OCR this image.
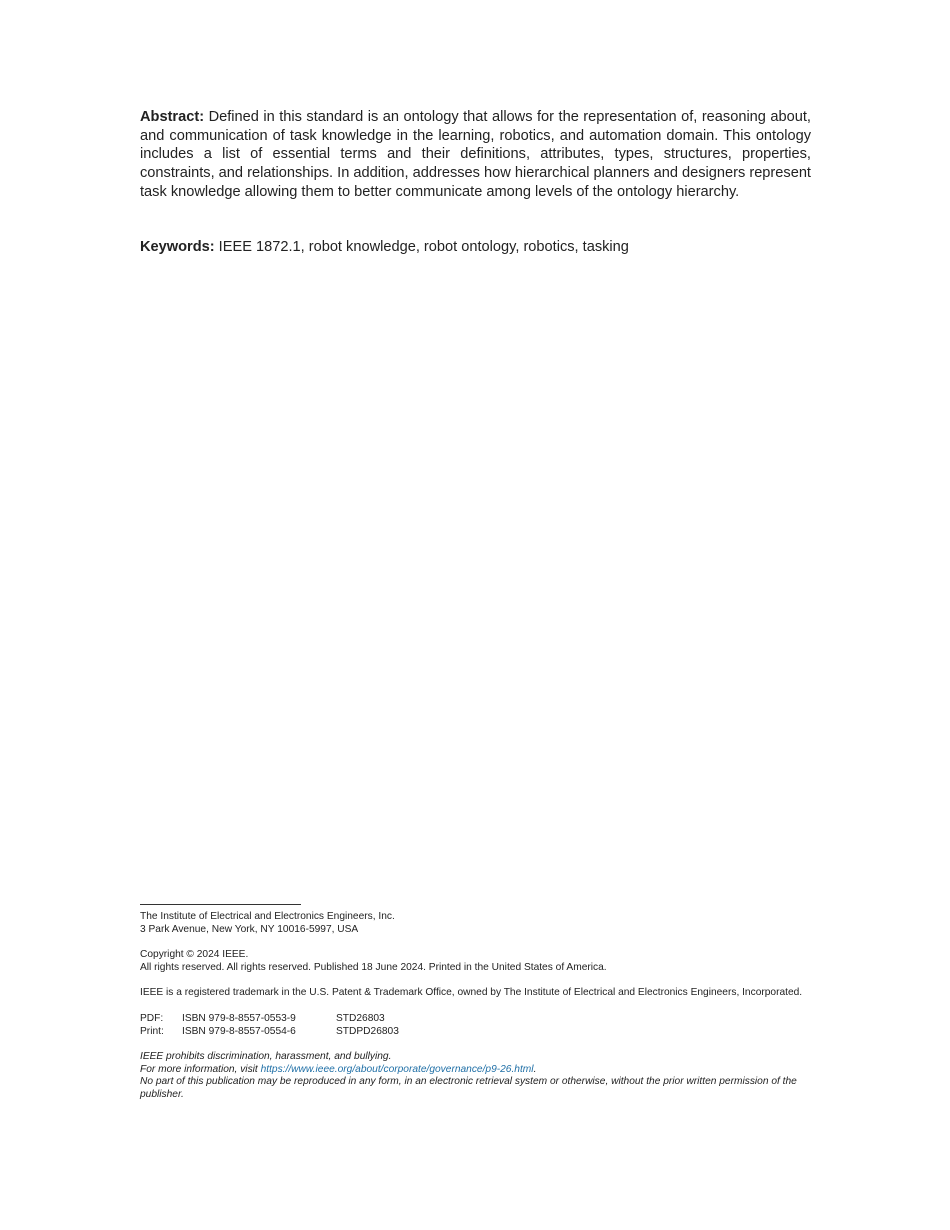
Abstract: Defined in this standard is an ontology that allows for the representation of, reasoning about, and communication of task knowledge in the learning, robotics, and automation domain. This ontology includes a list of essential terms and their definitions, attributes, types, structures, properties, constraints, and relationships. In addition, addresses how hierarchical planners and designers represent task knowledge allowing them to better communicate among levels of the ontology hierarchy.

Keywords: IEEE 1872.1, robot knowledge, robot ontology, robotics, tasking

The Institute of Electrical and Electronics Engineers, Inc.
3 Park Avenue, New York, NY 10016-5997, USA

Copyright © 2024 IEEE.
All rights reserved. All rights reserved. Published 18 June 2024. Printed in the United States of America.

IEEE is a registered trademark in the U.S. Patent & Trademark Office, owned by The Institute of Electrical and Electronics Engineers, Incorporated.

PDF:	ISBN 979-8-8557-0553-9	STD26803
Print:	ISBN 979-8-8557-0554-6	STDPD26803
IEEE prohibits discrimination, harassment, and bullying.
For more information, visit https://www.ieee.org/about/corporate/governance/p9-26.html.
No part of this publication may be reproduced in any form, in an electronic retrieval system or otherwise, without the prior written permission of the publisher.
